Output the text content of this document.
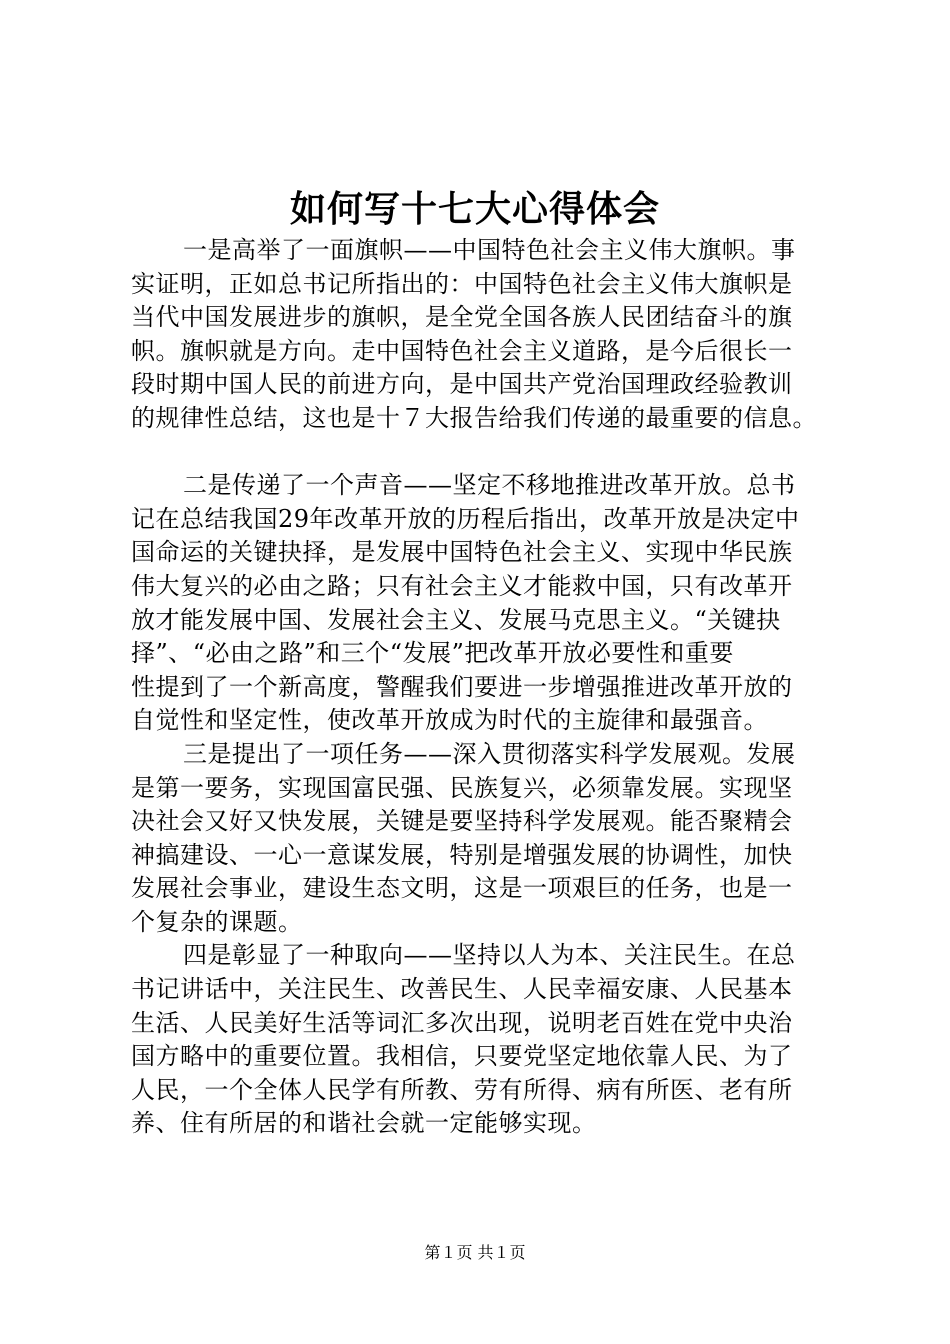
如何写十七大心得体会
一是高举了一面旗帜——中国特色社会主义伟大旗帜。事
实证明，正如总书记所指出的：中国特色社会主义伟大旗帜是
当代中国发展进步的旗帜，是全党全国各族人民团结奋斗的旗
帜。旗帜就是方向。走中国特色社会主义道路，是今后很长一
段时期中国人民的前进方向，是中国共产党治国理政经验教训
的规律性总结，这也是十７大报告给我们传递的最重要的信息。
二是传递了一个声音——坚定不移地推进改革开放。总书
记在总结我国29年改革开放的历程后指出，改革开放是决定中
国命运的关键抉择，是发展中国特色社会主义、实现中华民族
伟大复兴的必由之路；只有社会主义才能救中国，只有改革开
放才能发展中国、发展社会主义、发展马克思主义。“关键抉
择”、“必由之路”和三个“发展”把改革开放必要性和重要
性提到了一个新高度，警醒我们要进一步增强推进改革开放的
自觉性和坚定性，使改革开放成为时代的主旋律和最强音。
三是提出了一项任务——深入贯彻落实科学发展观。发展
是第一要务，实现国富民强、民族复兴，必须靠发展。实现坚
决社会又好又快发展，关键是要坚持科学发展观。能否聚精会
神搞建设、一心一意谋发展，特别是增强发展的协调性，加快
发展社会事业，建设生态文明，这是一项艰巨的任务，也是一
个复杂的课题。
四是彰显了一种取向——坚持以人为本、关注民生。在总
书记讲话中，关注民生、改善民生、人民幸福安康、人民基本
生活、人民美好生活等词汇多次出现，说明老百姓在党中央治
国方略中的重要位置。我相信，只要党坚定地依靠人民、为了
人民，一个全体人民学有所教、劳有所得、病有所医、老有所
养、住有所居的和谐社会就一定能够实现。
第１页 共１页
